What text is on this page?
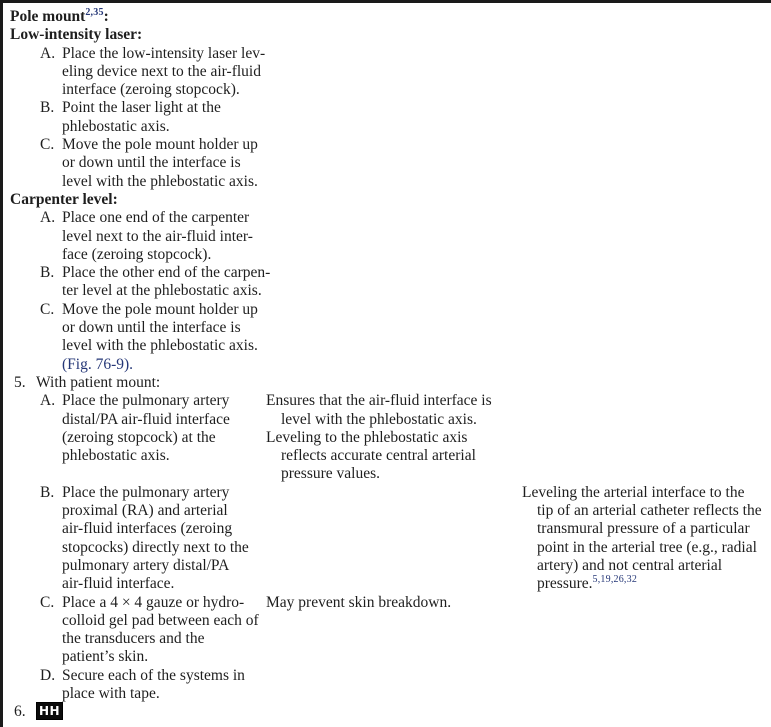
Pole mount$^{2,35}$:
Low-intensity laser:
A. Place the low-intensity laser lev-
eling device next to the air-fluid
interface (zeroing stopcock).
B. Point the laser light at the
phlebostatic axis.
C. Move the pole mount holder up
or down until the interface is
level with the phlebostatic axis.
Carpenter level:
A. Place one end of the carpenter
level next to the air-fluid inter-
face (zeroing stopcock).
B. Place the other end of the carpen-
ter level at the phlebostatic axis.
C. Move the pole mount holder up
or down until the interface is
level with the phlebostatic axis.
(Fig. 76-9).
5. With patient mount:
A. Place the pulmonary artery
distal/PA air-fluid interface
(zeroing stopcock) at the
phlebostatic axis.
Ensures that the air-fluid interface is
level with the phlebostatic axis.
Leveling to the phlebostatic axis
reflects accurate central arterial
pressure values.
B. Place the pulmonary artery
proximal (RA) and arterial
air-fluid interfaces (zeroing
stopcocks) directly next to the
pulmonary artery distal/PA
air-fluid interface.
Leveling the arterial interface to the
tip of an arterial catheter reflects the
transmural pressure of a particular
point in the arterial tree (e.g., radial
artery) and not central arterial
pressure.$^{5,19,26,32}$
C. Place a 4 × 4 gauze or hydro-
colloid gel pad between each of
the transducers and the
patient’s skin.
May prevent skin breakdown.
D. Secure each of the systems in
place with tape.
6. HH
